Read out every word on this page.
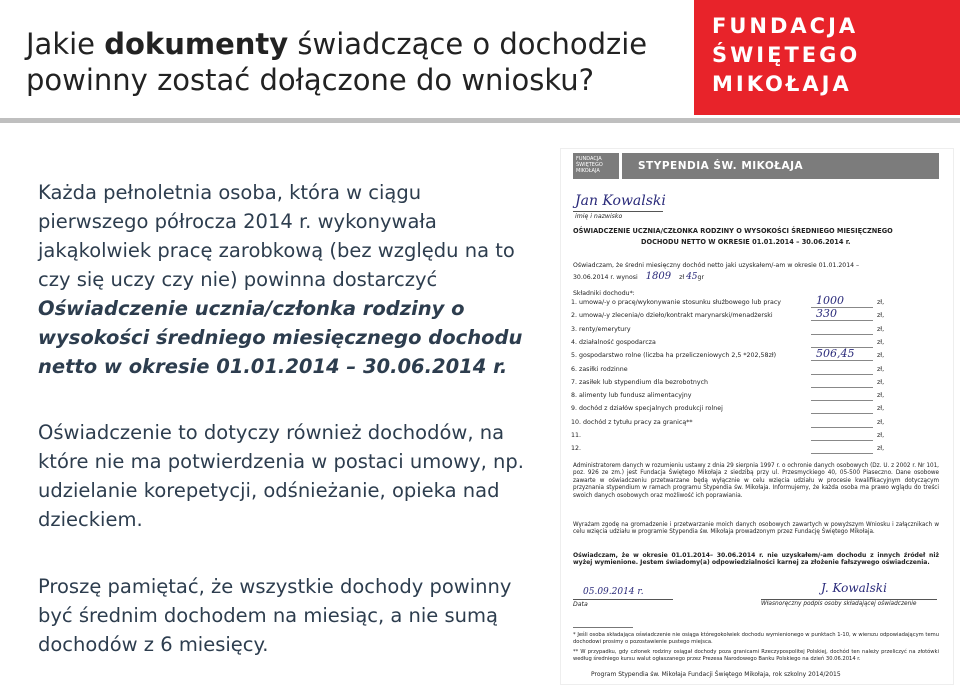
Jakie dokumenty świadczące o dochodzie powinny zostać dołączone do wniosku?
FUNDACJA
ŚWIĘTEGO
MIKOŁAJA
Każda pełnoletnia osoba, która w ciągu pierwszego półrocza 2014 r. wykonywała jakąkolwiek pracę zarobkową (bez względu na to czy się uczy czy nie) powinna dostarczyć Oświadczenie ucznia/członka rodziny o wysokości średniego miesięcznego dochodu netto w okresie 01.01.2014 – 30.06.2014 r.
Oświadczenie to dotyczy również dochodów, na które nie ma potwierdzenia w postaci umowy, np. udzielanie korepetycji, odśnieżanie, opieka nad dzieckiem.
Proszę pamiętać, że wszystkie dochody powinny być średnim dochodem na miesiąc, a nie sumą dochodów z 6 miesięcy.
FUNDACJA ŚWIĘTEGO MIKOŁAJA	STYPENDIA ŚW. MIKOŁAJA
Jan Kowalski
imię i nazwisko
OŚWIADCZENIE UCZNIA/CZŁONKA RODZINY O WYSOKOŚCI ŚREDNIEGO MIESIĘCZNEGO
DOCHODU NETTO W OKRESIE 01.01.2014 – 30.06.2014 r.
Oświadczam, że średni miesięczny dochód netto jaki uzyskałem/-am w okresie 01.01.2014 –
30.06.2014 r. wynosi 1809 zł 45gr
Składniki dochodu*:
1. umowa/-y o pracę/wykonywanie stosunku służbowego lub pracy	1000	zł,
2. umowa/-y zlecenia/o dzieło/kontrakt marynarski/menadżerski	330	zł,
3. renty/emerytury	zł,
4. działalność gospodarcza	zł,
5. gospodarstwo rolne (liczba ha przeliczeniowych 2,5 *202,58zł)	506,45	zł,
6. zasiłki rodzinne	zł,
7. zasiłek lub stypendium dla bezrobotnych	zł,
8. alimenty lub fundusz alimentacyjny	zł,
9. dochód z działów specjalnych produkcji rolnej	zł,
10. dochód z tytułu pracy za granicą**	zł,
11.	zł,
12.	zł,
Administratorem danych w rozumieniu ustawy z dnia 29 sierpnia 1997 r. o ochronie danych osobowych (Dz. U. z 2002 r. Nr 101, poz. 926 ze zm.) jest Fundacja Świętego Mikołaja z siedzibą przy ul. Przesmyckiego 40, 05-500 Piaseczno. Dane osobowe zawarte w oświadczeniu przetwarzane będą wyłącznie w celu wzięcia udziału w procesie kwalifikacyjnym dotyczącym przyznania stypendium w ramach programu Stypendia św. Mikołaja. Informujemy, że każda osoba ma prawo wglądu do treści swoich danych osobowych oraz możliwość ich poprawiania.
Wyrażam zgodę na gromadzenie i przetwarzanie moich danych osobowych zawartych w powyższym Wniosku i załącznikach w celu wzięcia udziału w programie Stypendia św. Mikołaja prowadzonym przez Fundację Świętego Mikołaja.
Oświadczam, że w okresie 01.01.2014– 30.06.2014 r. nie uzyskałem/-am dochodu z innych źródeł niż wyżej wymienione. Jestem świadomy(a) odpowiedzialności karnej za złożenie fałszywego oświadczenia.
05.09.2014 r.
Data
J. Kowalski
Własnoręczny podpis osoby składającej oświadczenie
* Jeśli osoba składająca oświadczenie nie osiąga któregokolwiek dochodu wymienionego w punktach 1-10, w wierszu odpowiadającym temu dochodowi prosimy o pozostawienie pustego miejsca.
** W przypadku, gdy członek rodziny osiągał dochody poza granicami Rzeczypospolitej Polskiej, dochód ten należy przeliczyć na złotówki według średniego kursu walut ogłaszanego przez Prezesa Narodowego Banku Polskiego na dzień 30.06.2014 r.
Program Stypendia św. Mikołaja Fundacji Świętego Mikołaja, rok szkolny 2014/2015
